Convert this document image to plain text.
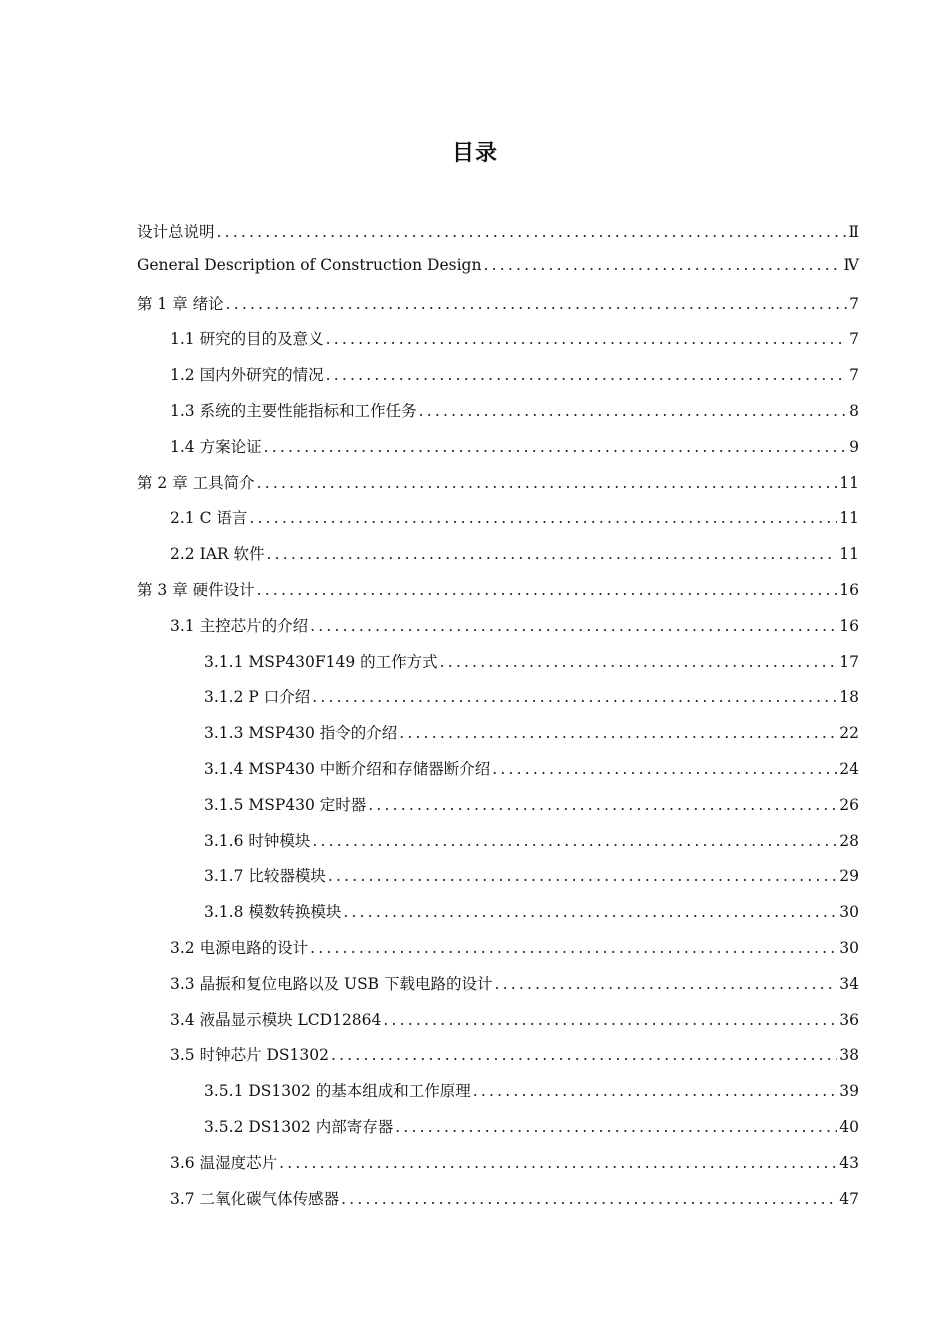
目录
设计总说明 .....	Ⅱ
General Description of Construction Design .....	Ⅳ
第 1 章 绪论 .....	7
1.1 研究的目的及意义 .....	7
1.2 国内外研究的情况 .....	7
1.3 系统的主要性能指标和工作任务 .....	8
1.4 方案论证 .....	9
第 2 章 工具简介 .....	11
2.1 C 语言 .....	11
2.2 IAR 软件 .....	11
第 3 章 硬件设计 .....	16
3.1 主控芯片的介绍 .....	16
3.1.1 MSP430F149 的工作方式 .....	17
3.1.2 P 口介绍 .....	18
3.1.3 MSP430 指令的介绍 .....	22
3.1.4 MSP430 中断介绍和存储器断介绍 .....	24
3.1.5 MSP430 定时器 .....	26
3.1.6 时钟模块 .....	28
3.1.7 比较器模块 .....	29
3.1.8 模数转换模块 .....	30
3.2 电源电路的设计 .....	30
3.3 晶振和复位电路以及 USB 下载电路的设计 .....	34
3.4 液晶显示模块 LCD12864 .....	36
3.5 时钟芯片 DS1302 .....	38
3.5.1 DS1302 的基本组成和工作原理 .....	39
3.5.2 DS1302 内部寄存器 .....	40
3.6 温湿度芯片 .....	43
3.7 二氧化碳气体传感器 .....	47
